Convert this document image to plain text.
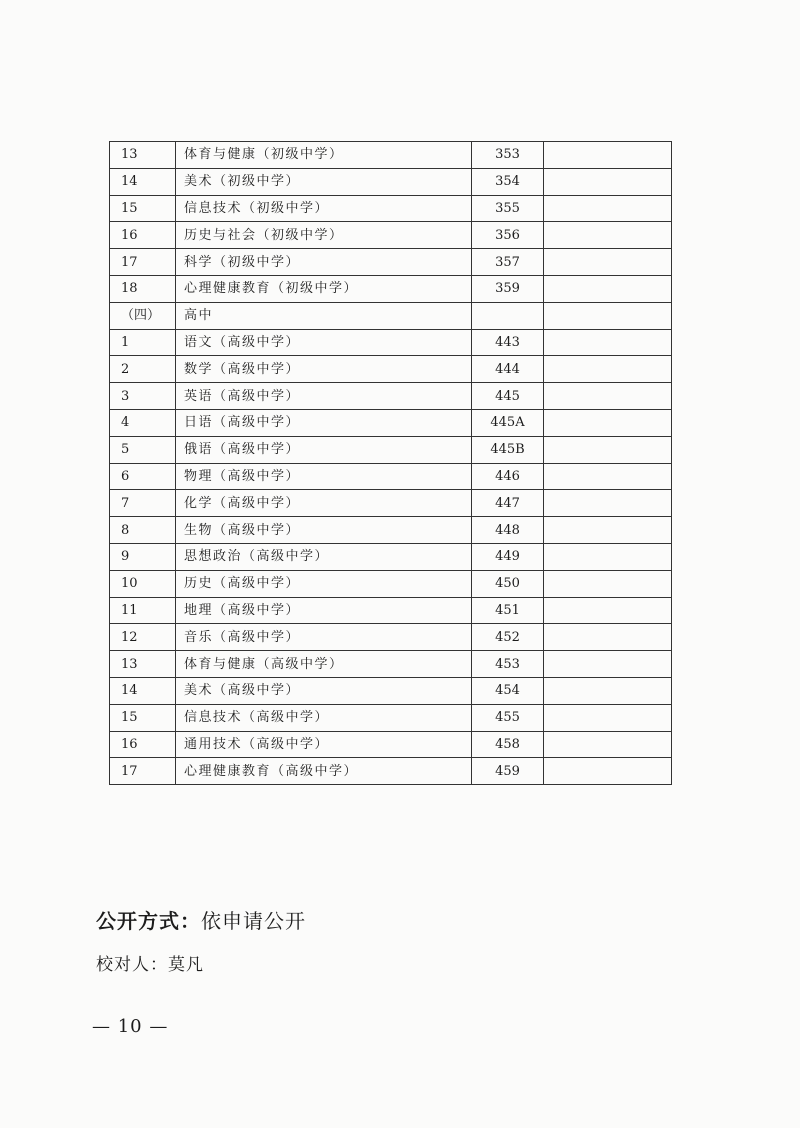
13	体育与健康（初级中学）	353	
14	美术（初级中学）	354	
15	信息技术（初级中学）	355	
16	历史与社会（初级中学）	356	
17	科学（初级中学）	357	
18	心理健康教育（初级中学）	359	
（四）	高中		
1	语文（高级中学）	443	
2	数学（高级中学）	444	
3	英语（高级中学）	445	
4	日语（高级中学）	445A	
5	俄语（高级中学）	445B	
6	物理（高级中学）	446	
7	化学（高级中学）	447	
8	生物（高级中学）	448	
9	思想政治（高级中学）	449	
10	历史（高级中学）	450	
11	地理（高级中学）	451	
12	音乐（高级中学）	452	
13	体育与健康（高级中学）	453	
14	美术（高级中学）	454	
15	信息技术（高级中学）	455	
16	通用技术（高级中学）	458	
17	心理健康教育（高级中学）	459	
公开方式：依申请公开
校对人：莫凡
— 10 —
